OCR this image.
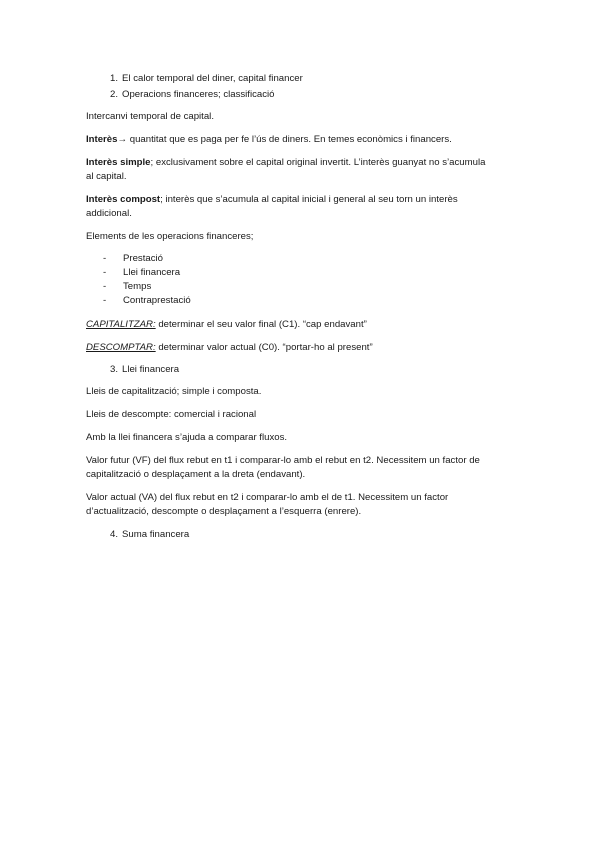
1. El calor temporal del diner, capital financer
2. Operacions financeres; classificació
Intercanvi temporal de capital.
Interès→ quantitat que es paga per fe l’ús de diners. En temes econòmics i financers.
Interès simple; exclusivament sobre el capital original invertit. L’interès guanyat no s’acumula
al capital.
Interès compost; interès que s’acumula al capital inicial i general al seu torn un interès
addicional.
Elements de les operacions financeres;
- Prestació
- Llei financera
- Temps
- Contraprestació
CAPITALITZAR: determinar el seu valor final (C1). “cap endavant”
DESCOMPTAR: determinar valor actual (C0). “portar-ho al present”
3. Llei financera
Lleis de capitalització; simple i composta.
Lleis de descompte: comercial i racional
Amb la llei financera s’ajuda a comparar fluxos.
Valor futur (VF) del flux rebut en t1 i comparar-lo amb el rebut en t2. Necessitem un factor de
capitalització o desplaçament a la dreta (endavant).
Valor actual (VA) del flux rebut en t2 i comparar-lo amb el de t1. Necessitem un factor
d’actualització, descompte o desplaçament a l’esquerra (enrere).
4. Suma financera
